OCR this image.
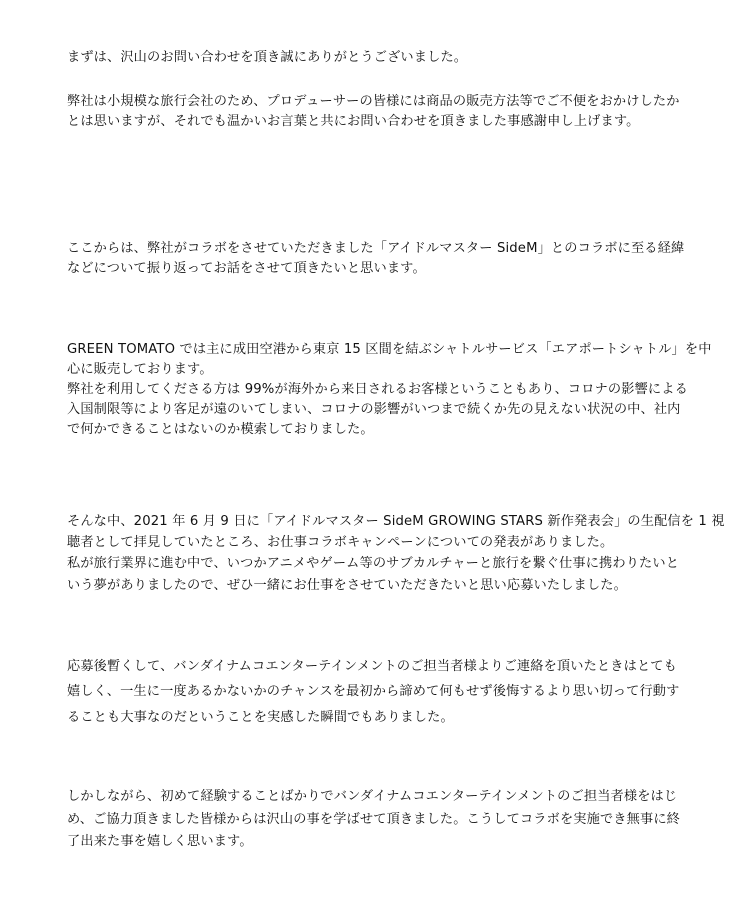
まずは、沢山のお問い合わせを頂き誠にありがとうございました。
弊社は小規模な旅行会社のため、プロデューサーの皆様には商品の販売方法等でご不便をおかけしたか
とは思いますが、それでも温かいお言葉と共にお問い合わせを頂きました事感謝申し上げます。
ここからは、弊社がコラボをさせていただきました「アイドルマスター SideM」とのコラボに至る経緯
などについて振り返ってお話をさせて頂きたいと思います。
GREEN TOMATO では主に成田空港から東京 15 区間を結ぶシャトルサービス「エアポートシャトル」を中
心に販売しております。
弊社を利用してくださる方は 99%が海外から来日されるお客様ということもあり、コロナの影響による
入国制限等により客足が遠のいてしまい、コロナの影響がいつまで続くか先の見えない状況の中、社内
で何かできることはないのか模索しておりました。
そんな中、2021 年 6 月 9 日に「アイドルマスター SideM GROWING STARS 新作発表会」の生配信を 1 視
聴者として拝見していたところ、お仕事コラボキャンペーンについての発表がありました。
私が旅行業界に進む中で、いつかアニメやゲーム等のサブカルチャーと旅行を繋ぐ仕事に携わりたいと
いう夢がありましたので、ぜひ一緒にお仕事をさせていただきたいと思い応募いたしました。
応募後暫くして、バンダイナムコエンターテインメントのご担当者様よりご連絡を頂いたときはとても
嬉しく、一生に一度あるかないかのチャンスを最初から諦めて何もせず後悔するより思い切って行動す
ることも大事なのだということを実感した瞬間でもありました。
しかしながら、初めて経験することばかりでバンダイナムコエンターテインメントのご担当者様をはじ
め、ご協力頂きました皆様からは沢山の事を学ばせて頂きました。こうしてコラボを実施でき無事に終
了出来た事を嬉しく思います。
